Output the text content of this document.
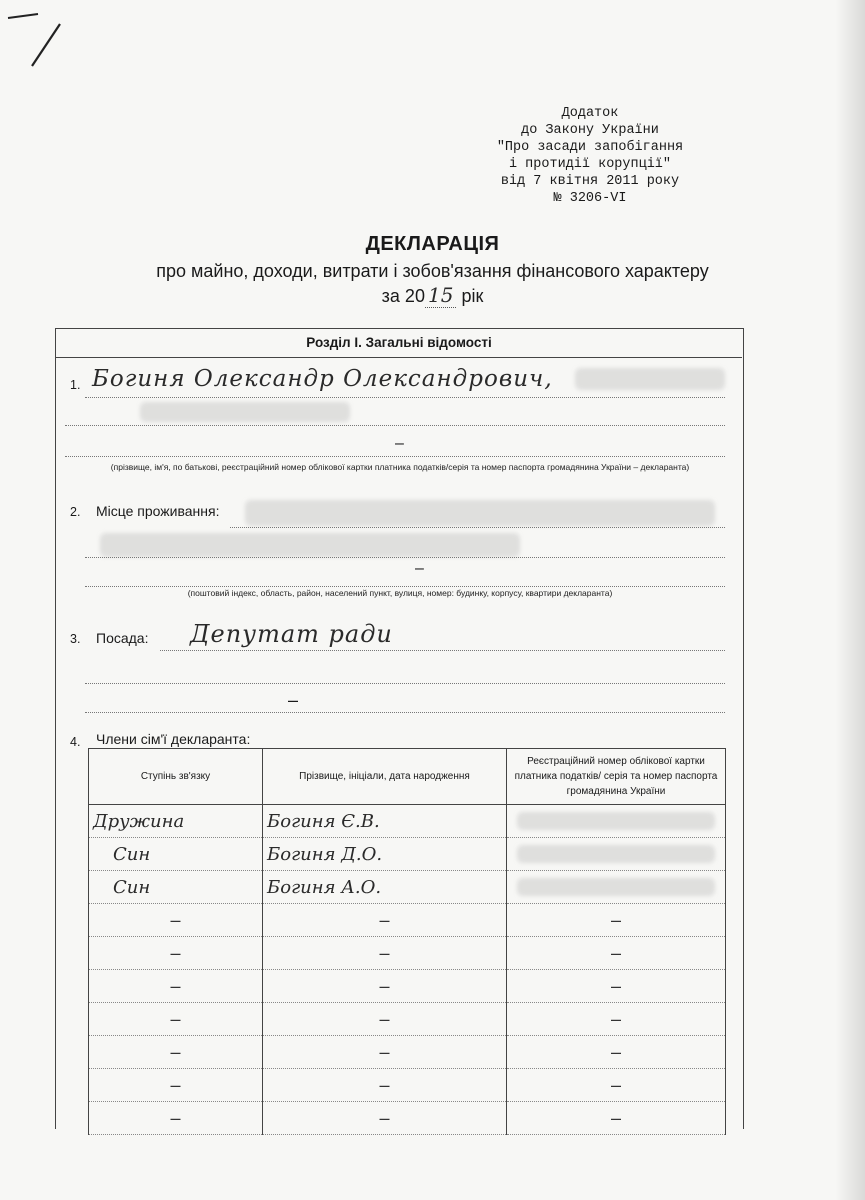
Додаток
до Закону України
"Про засади запобігання
і протидії корупції"
від 7 квітня 2011 року
№ 3206-VI
ДЕКЛАРАЦІЯ
про майно, доходи, витрати і зобов'язання фінансового характеру
за 20 15 рік
Розділ І. Загальні відомості
1. Богиня Олександр Олександрович,
–
(прізвище, ім'я, по батькові, реєстраційний номер облікової картки платника податків/серія та номер паспорта громадянина України – декларанта)
2. Місце проживання:
–
(поштовий індекс, область, район, населений пункт, вулиця, номер: будинку, корпусу, квартири декларанта)
3. Посада: Депутат ради
–
4. Члени сім'ї декларанта:
Ступінь зв'язку	Прізвище, ініціали, дата народження	Реєстраційний номер облікової картки платника податків/ серія та номер паспорта громадянина України
Дружина	Богиня Є.В.	

Син	Богиня Д.О.	

Син	Богиня А.О.	

–	–	–
–	–	–
–	–	–
–	–	–
–	–	–
–	–	–
–	–	–
